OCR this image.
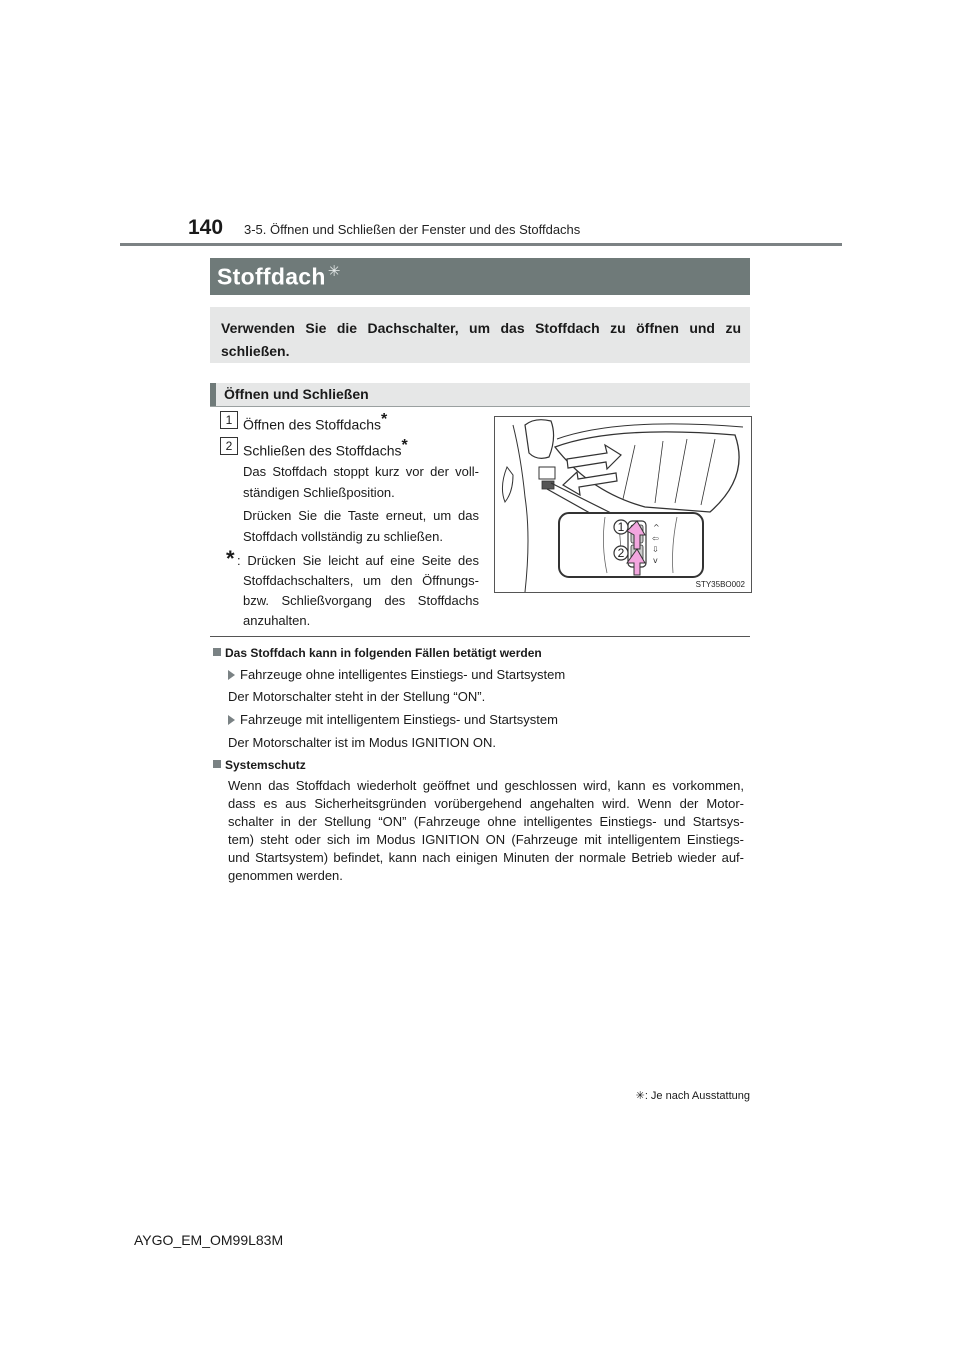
140 3-5. Öffnen und Schließen der Fenster und des Stoffdachs
Stoffdach ✳
Verwenden Sie die Dachschalter, um das Stoffdach zu öffnen und zu
schließen.
Öffnen und Schließen
1 Öffnen des Stoffdachs*
2 Schließen des Stoffdachs*
Das Stoffdach stoppt kurz vor der voll-
ständigen Schließposition.
Drücken Sie die Taste erneut, um das
Stoffdach vollständig zu schließen.
* : Drücken Sie leicht auf eine Seite des
Stoffdachschalters, um den Öffnungs-
bzw. Schließvorgang des Stoffdachs
anzuhalten.
^
⇦
⇩
v
1
2
STY35BO002
Das Stoffdach kann in folgenden Fällen betätigt werden
Fahrzeuge ohne intelligentes Einstiegs- und Startsystem
Der Motorschalter steht in der Stellung “ON”.
Fahrzeuge mit intelligentem Einstiegs- und Startsystem
Der Motorschalter ist im Modus IGNITION ON.
Systemschutz
Wenn das Stoffdach wiederholt geöffnet und geschlossen wird, kann es vorkommen,
dass es aus Sicherheitsgründen vorübergehend angehalten wird. Wenn der Motor-
schalter in der Stellung “ON” (Fahrzeuge ohne intelligentes Einstiegs- und Startsys-
tem) steht oder sich im Modus IGNITION ON (Fahrzeuge mit intelligentem Einstiegs-
und Startsystem) befindet, kann nach einigen Minuten der normale Betrieb wieder auf-
genommen werden.
✳: Je nach Ausstattung
AYGO_EM_OM99L83M
